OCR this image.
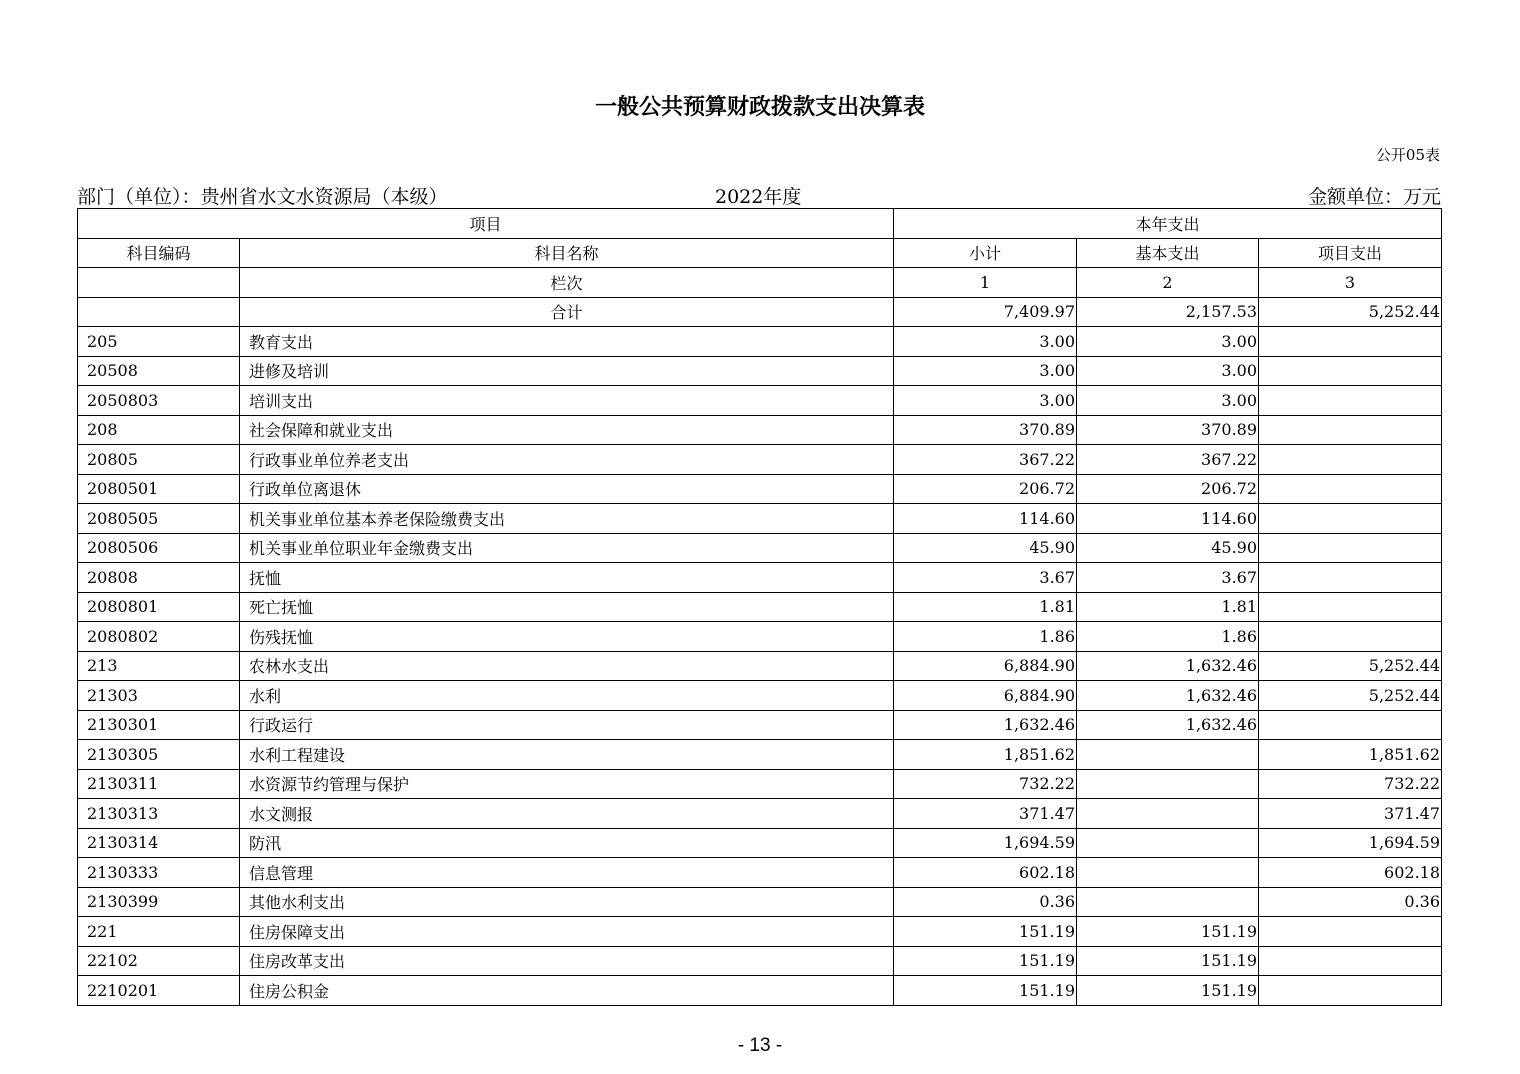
一般公共预算财政拨款支出决算表
公开05表
部门（单位）：贵州省水文水资源局（本级）	2022年度	金额单位：万元
项目		本年支出		
科目编码	科目名称	小计	基本支出	项目支出
	栏次	1	2	3
	合计	7,409.97	2,157.53	5,252.44
205	教育支出	3.00	3.00	
20508	进修及培训	3.00	3.00	
2050803	培训支出	3.00	3.00	
208	社会保障和就业支出	370.89	370.89	
20805	行政事业单位养老支出	367.22	367.22	
2080501	行政单位离退休	206.72	206.72	
2080505	机关事业单位基本养老保险缴费支出	114.60	114.60	
2080506	机关事业单位职业年金缴费支出	45.90	45.90	
20808	抚恤	3.67	3.67	
2080801	死亡抚恤	1.81	1.81	
2080802	伤残抚恤	1.86	1.86	
213	农林水支出	6,884.90	1,632.46	5,252.44
21303	水利	6,884.90	1,632.46	5,252.44
2130301	行政运行	1,632.46	1,632.46	
2130305	水利工程建设	1,851.62		1,851.62
2130311	水资源节约管理与保护	732.22		732.22
2130313	水文测报	371.47		371.47
2130314	防汛	1,694.59		1,694.59
2130333	信息管理	602.18		602.18
2130399	其他水利支出	0.36		0.36
221	住房保障支出	151.19	151.19	
22102	住房改革支出	151.19	151.19	
2210201	住房公积金	151.19	151.19	
- 13 -
